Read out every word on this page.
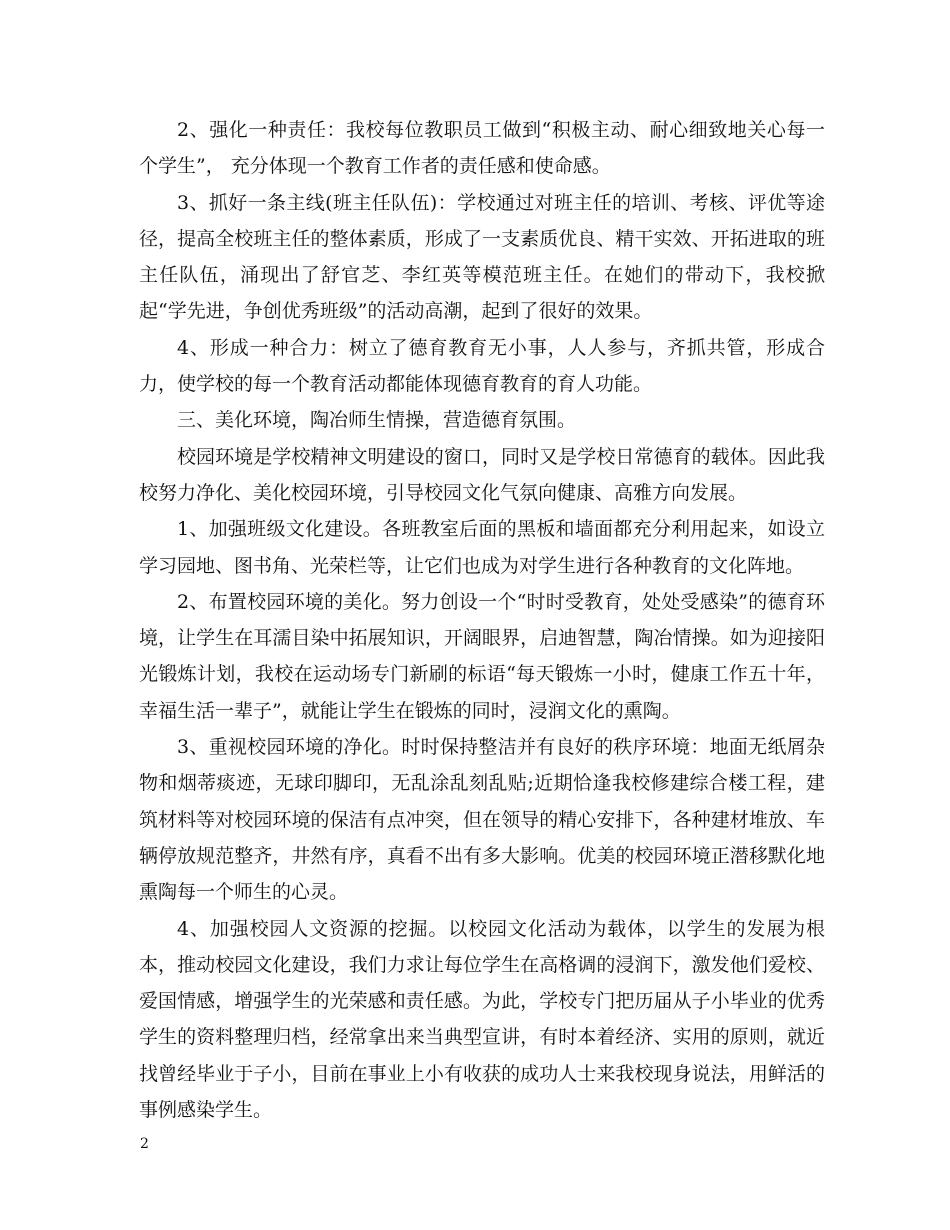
2、强化一种责任：我校每位教职员工做到“积极主动、耐心细致地关心每一个学生”， 充分体现一个教育工作者的责任感和使命感。

3、抓好一条主线(班主任队伍)：学校通过对班主任的培训、考核、评优等途径，提高全校班主任的整体素质，形成了一支素质优良、精干实效、开拓进取的班主任队伍，涌现出了舒官芝、李红英等模范班主任。在她们的带动下，我校掀起“学先进，争创优秀班级”的活动高潮，起到了很好的效果。

4、形成一种合力：树立了德育教育无小事，人人参与，齐抓共管，形成合力，使学校的每一个教育活动都能体现德育教育的育人功能。

三、美化环境，陶冶师生情操，营造德育氛围。

校园环境是学校精神文明建设的窗口，同时又是学校日常德育的载体。因此我校努力净化、美化校园环境，引导校园文化气氛向健康、高雅方向发展。

1、加强班级文化建设。各班教室后面的黑板和墙面都充分利用起来，如设立学习园地、图书角、光荣栏等，让它们也成为对学生进行各种教育的文化阵地。

2、布置校园环境的美化。努力创设一个“时时受教育，处处受感染”的德育环境，让学生在耳濡目染中拓展知识，开阔眼界，启迪智慧，陶冶情操。如为迎接阳光锻炼计划，我校在运动场专门新刷的标语“每天锻炼一小时，健康工作五十年，幸福生活一辈子”，就能让学生在锻炼的同时，浸润文化的熏陶。

3、重视校园环境的净化。时时保持整洁并有良好的秩序环境：地面无纸屑杂物和烟蒂痰迹，无球印脚印，无乱涂乱刻乱贴;近期恰逢我校修建综合楼工程，建筑材料等对校园环境的保洁有点冲突，但在领导的精心安排下，各种建材堆放、车辆停放规范整齐，井然有序，真看不出有多大影响。优美的校园环境正潜移默化地熏陶每一个师生的心灵。

4、加强校园人文资源的挖掘。以校园文化活动为载体，以学生的发展为根本，推动校园文化建设，我们力求让每位学生在高格调的浸润下，激发他们爱校、爱国情感，增强学生的光荣感和责任感。为此，学校专门把历届从子小毕业的优秀学生的资料整理归档，经常拿出来当典型宣讲，有时本着经济、实用的原则，就近找曾经毕业于子小，目前在事业上小有收获的成功人士来我校现身说法，用鲜活的事例感染学生。

2
